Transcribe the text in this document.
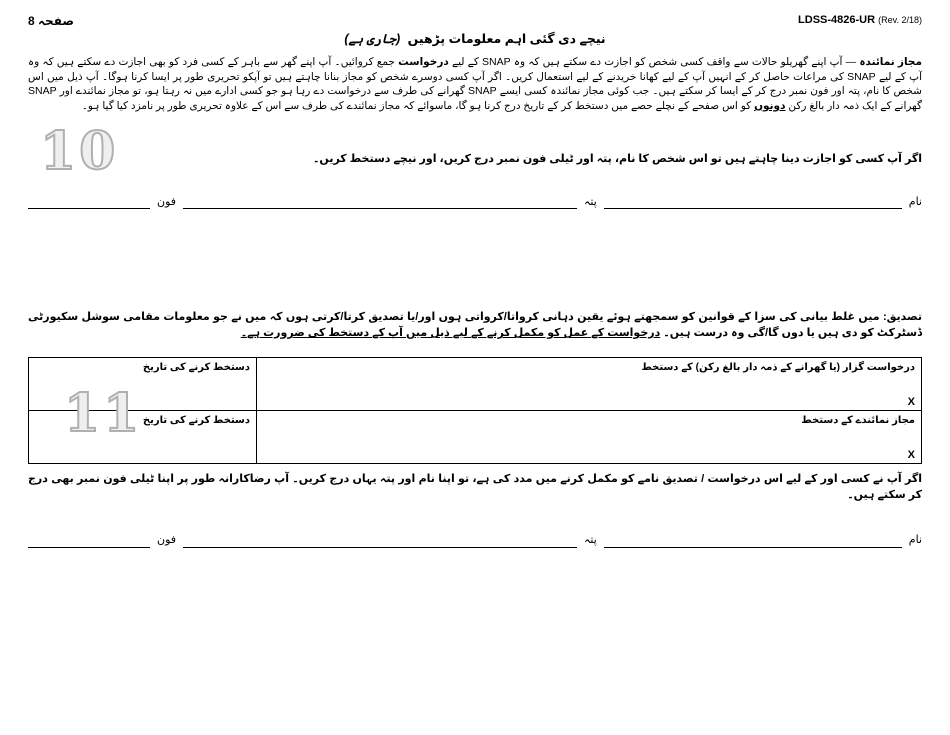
10
11
صفحہ 8	LDSS-4826-UR (Rev. 2/18)
نیچے دی گئی اہم معلومات پڑھیں (جاری ہے)

مجاز نمائندہ — آپ اپنے گھریلو حالات سے واقف کسی شخص کو اجازت دے سکتے ہیں کہ وہ SNAP کے لیے درخواست جمع کروائیں۔ آپ اپنے گھر سے باہر کے کسی فرد کو بھی اجازت دے سکتے ہیں کہ وہ آپ کے لیے SNAP کی مراعات حاصل کر کے انہیں آپ کے لیے کھانا خریدنے کے لیے استعمال کریں۔ اگر آپ کسی دوسرے شخص کو مجاز بنانا چاہتے ہیں تو آپکو تحریری طور پر ایسا کرنا ہوگا۔ آپ ذیل میں اس شخص کا نام، پتہ اور فون نمبر درج کر کے ایسا کر سکتے ہیں۔ جب کوئی مجاز نمائندہ کسی ایسے SNAP گھرانے کی طرف سے درخواست دے رہا ہو جو کسی ادارے میں نہ رہتا ہو، تو مجاز نمائندے اور SNAP گھرانے کے ایک ذمہ دار بالغ رکن دونوں کو اس صفحے کے نچلے حصے میں دستخط کر کے تاریخ درج کرنا ہو گا، ماسوائے کہ مجاز نمائندے کی طرف سے اس کے علاوہ تحریری طور پر نامزد کیا گیا ہو۔

اگر آپ کسی کو اجازت دینا چاہتے ہیں تو اس شخص کا نام، پتہ اور ٹیلی فون نمبر درج کریں، اور نیچے دستخط کریں۔

نام
پتہ
فون

تصدیق: میں غلط بیانی کی سزا کے قوانین کو سمجھتے ہوئے یقین دہانی کرواتا/کرواتی ہوں اور/یا تصدیق کرتا/کرتی ہوں کہ میں نے جو معلومات مقامی سوشل سکیورٹی ڈسٹرکٹ کو دی ہیں یا دوں گا/گی وہ درست ہیں۔ درخواست کے عمل کو مکمل کرنے کے لیے ذیل میں آپ کے دستخط کی ضرورت ہے۔

درخواست گزار (یا گھرانے کے ذمہ دار بالغ رکن) کے دستخط
X	دستخط کرنے کی تاریخ

مجاز نمائندے کے دستخط
X	دستخط کرنے کی تاریخ

اگر آپ نے کسی اور کے لیے اس درخواست / تصدیق نامے کو مکمل کرنے میں مدد کی ہے، تو اپنا نام اور پتہ یہاں درج کریں۔ آپ رضاکارانہ طور پر اپنا ٹیلی فون نمبر بھی درج کر سکتے ہیں۔

نام
پتہ
فون
